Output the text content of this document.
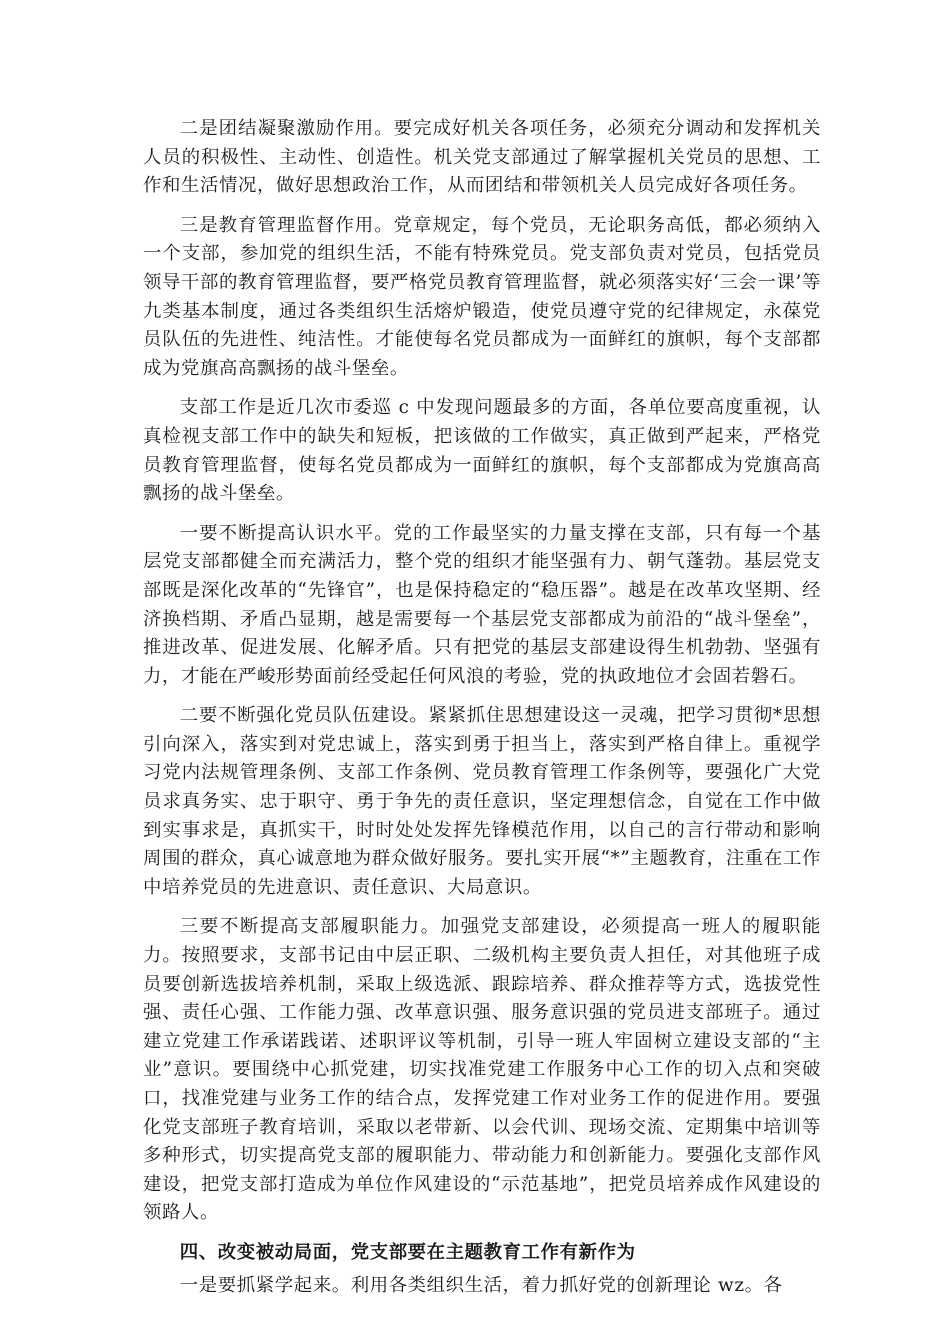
二是团结凝聚激励作用。要完成好机关各项任务，必须充分调动和发挥机关人员的积极性、主动性、创造性。机关党支部通过了解掌握机关党员的思想、工作和生活情况，做好思想政治工作，从而团结和带领机关人员完成好各项任务。

三是教育管理监督作用。党章规定，每个党员，无论职务高低，都必须纳入一个支部，参加党的组织生活，不能有特殊党员。党支部负责对党员，包括党员领导干部的教育管理监督，要严格党员教育管理监督，就必须落实好‘三会一课’等九类基本制度，通过各类组织生活熔炉锻造，使党员遵守党的纪律规定，永葆党员队伍的先进性、纯洁性。才能使每名党员都成为一面鲜红的旗帜，每个支部都成为党旗高高飘扬的战斗堡垒。

支部工作是近几次市委巡 c 中发现问题最多的方面，各单位要高度重视，认真检视支部工作中的缺失和短板，把该做的工作做实，真正做到严起来，严格党员教育管理监督，使每名党员都成为一面鲜红的旗帜，每个支部都成为党旗高高飘扬的战斗堡垒。

一要不断提高认识水平。党的工作最坚实的力量支撑在支部，只有每一个基层党支部都健全而充满活力，整个党的组织才能坚强有力、朝气蓬勃。基层党支部既是深化改革的“先锋官”，也是保持稳定的“稳压器”。越是在改革攻坚期、经济换档期、矛盾凸显期，越是需要每一个基层党支部都成为前沿的“战斗堡垒”，推进改革、促进发展、化解矛盾。只有把党的基层支部建设得生机勃勃、坚强有力，才能在严峻形势面前经受起任何风浪的考验，党的执政地位才会固若磐石。

二要不断强化党员队伍建设。紧紧抓住思想建设这一灵魂，把学习贯彻*思想引向深入，落实到对党忠诚上，落实到勇于担当上，落实到严格自律上。重视学习党内法规管理条例、支部工作条例、党员教育管理工作条例等，要强化广大党员求真务实、忠于职守、勇于争先的责任意识，坚定理想信念，自觉在工作中做到实事求是，真抓实干，时时处处发挥先锋模范作用，以自己的言行带动和影响周围的群众，真心诚意地为群众做好服务。要扎实开展“*”主题教育，注重在工作中培养党员的先进意识、责任意识、大局意识。

三要不断提高支部履职能力。加强党支部建设，必须提高一班人的履职能力。按照要求，支部书记由中层正职、二级机构主要负责人担任，对其他班子成员要创新选拔培养机制，采取上级选派、跟踪培养、群众推荐等方式，选拔党性强、责任心强、工作能力强、改革意识强、服务意识强的党员进支部班子。通过建立党建工作承诺践诺、述职评议等机制，引导一班人牢固树立建设支部的“主业”意识。要围绕中心抓党建，切实找准党建工作服务中心工作的切入点和突破口，找准党建与业务工作的结合点，发挥党建工作对业务工作的促进作用。要强化党支部班子教育培训，采取以老带新、以会代训、现场交流、定期集中培训等多种形式，切实提高党支部的履职能力、带动能力和创新能力。要强化支部作风建设，把党支部打造成为单位作风建设的“示范基地”，把党员培养成作风建设的领路人。

四、改变被动局面，党支部要在主题教育工作有新作为

一是要抓紧学起来。利用各类组织生活，着力抓好党的创新理论 wz。各
